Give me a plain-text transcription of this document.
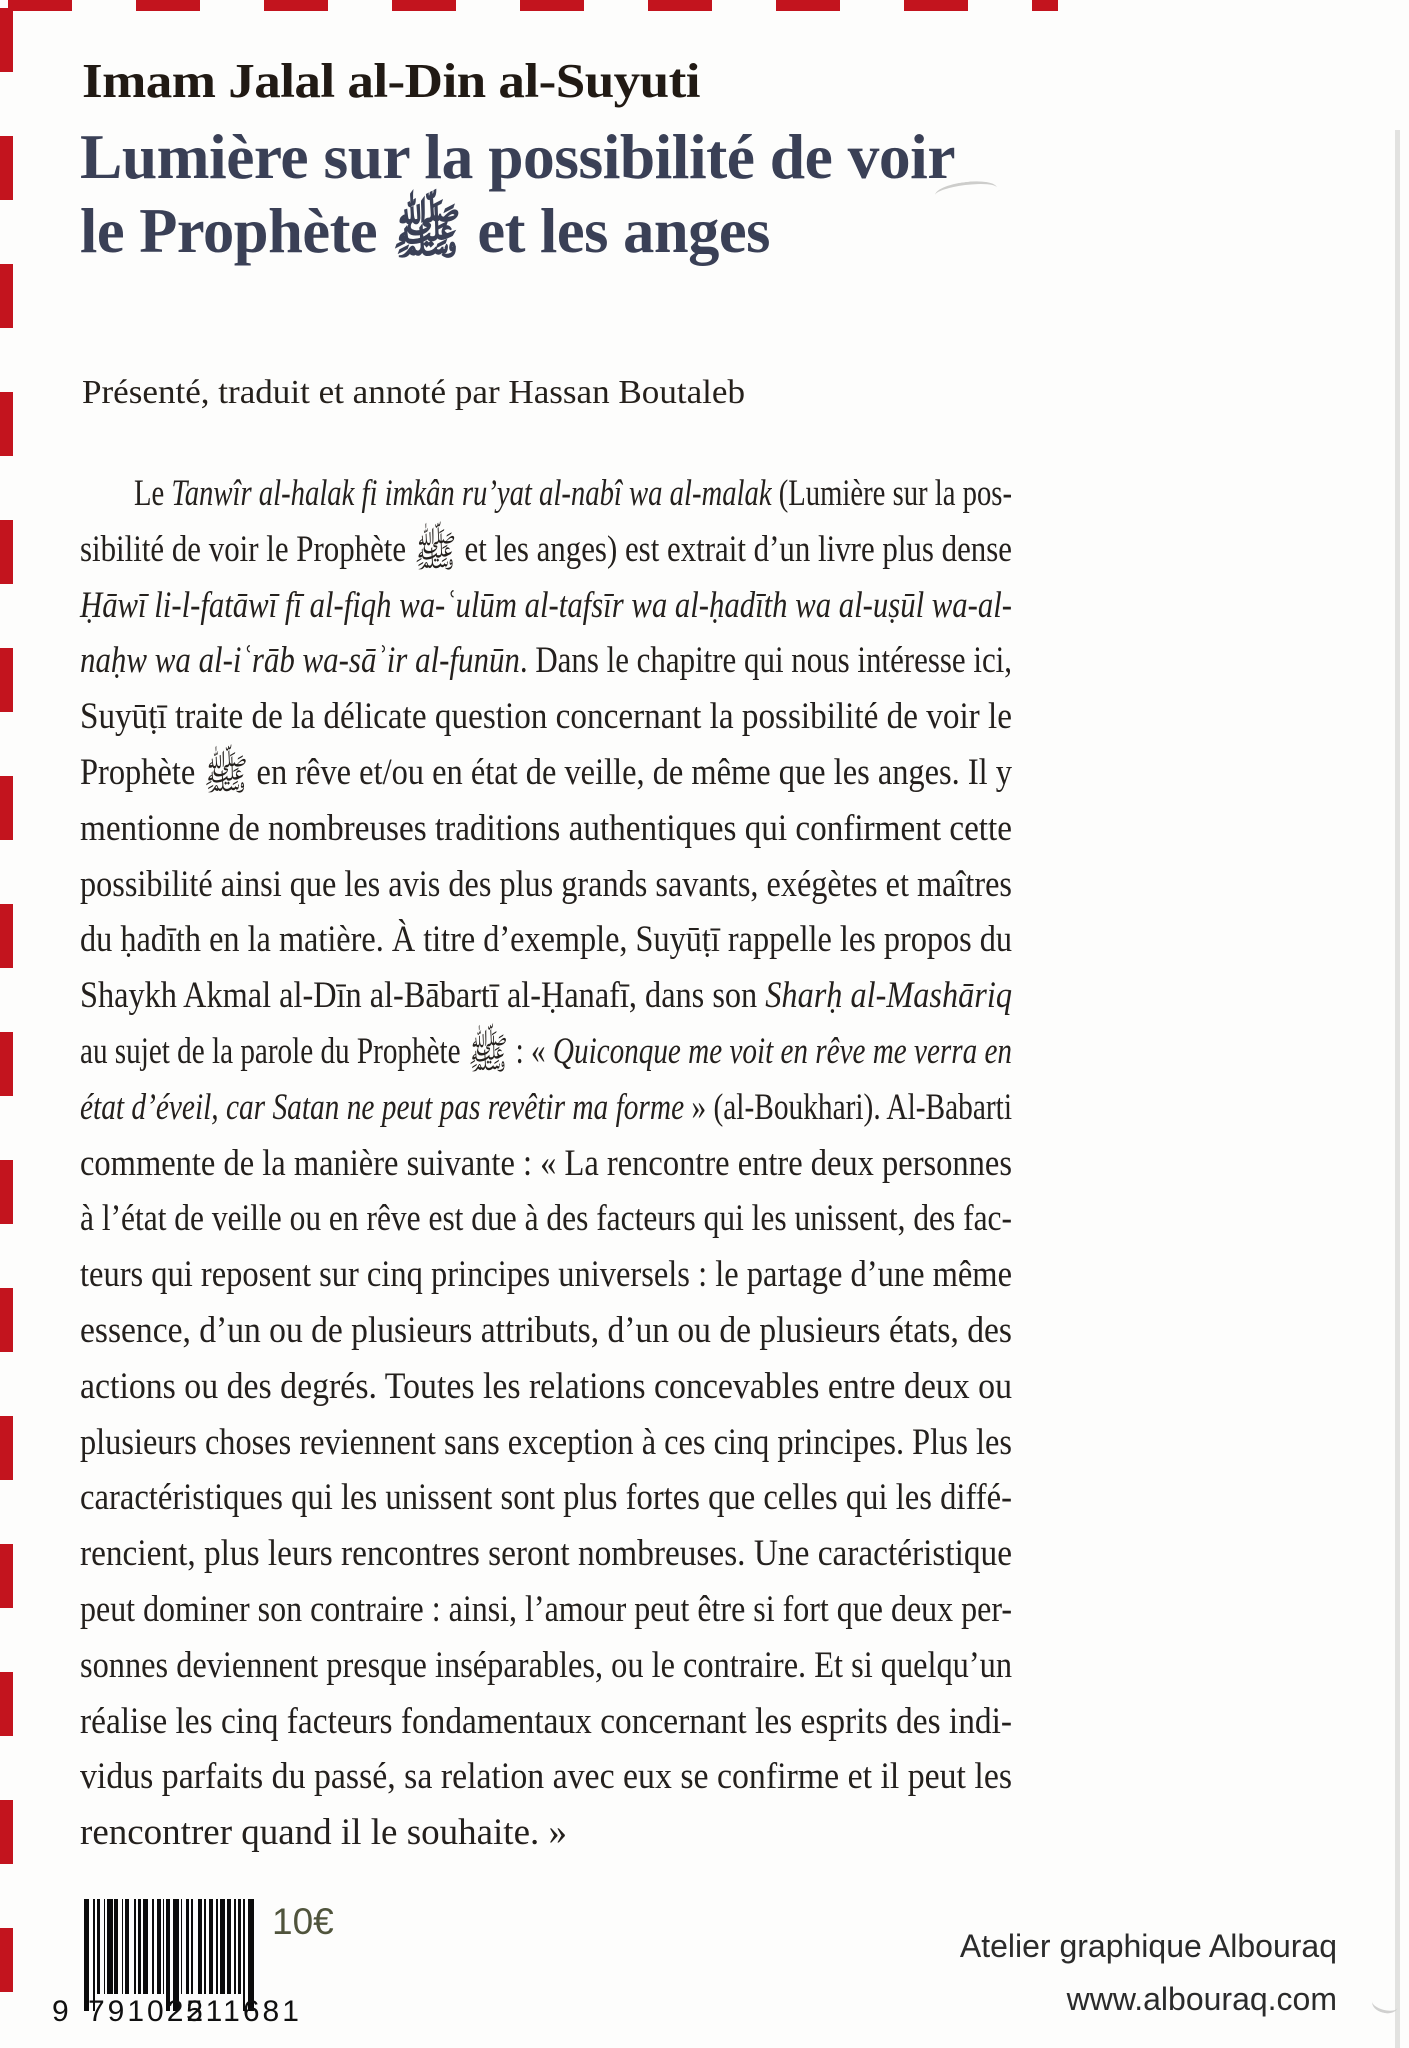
Imam Jalal al-Din al-Suyuti
Lumière sur la possibilité de voir
le Prophète ﷺ et les anges
Présenté, traduit et annoté par Hassan Boutaleb
Le Tanwîr al-halak fi imkân ru’yat al-nabî wa al-malak (Lumière sur la pos-
sibilité de voir le Prophète ﷺ et les anges) est extrait d’un livre plus dense
Ḥāwī li-l-fatāwī fī al-fiqh wa-ʿulūm al-tafsīr wa al-ḥadīth wa al-uṣūl wa-al-
naḥw wa al-iʿrāb wa-sāʾir al-funūn. Dans le chapitre qui nous intéresse ici,
Suyūṭī traite de la délicate question concernant la possibilité de voir le
Prophète ﷺ en rêve et/ou en état de veille, de même que les anges. Il y
mentionne de nombreuses traditions authentiques qui confirment cette
possibilité ainsi que les avis des plus grands savants, exégètes et maîtres
du ḥadīth en la matière. À titre d’exemple, Suyūṭī rappelle les propos du
Shaykh Akmal al-Dīn al-Bābartī al-Ḥanafī, dans son Sharḥ al-Mashāriq
au sujet de la parole du Prophète ﷺ : « Quiconque me voit en rêve me verra en
état d’éveil, car Satan ne peut pas revêtir ma forme » (al-Boukhari). Al-Babarti
commente de la manière suivante : « La rencontre entre deux personnes
à l’état de veille ou en rêve est due à des facteurs qui les unissent, des fac-
teurs qui reposent sur cinq principes universels : le partage d’une même
essence, d’un ou de plusieurs attributs, d’un ou de plusieurs états, des
actions ou des degrés. Toutes les relations concevables entre deux ou
plusieurs choses reviennent sans exception à ces cinq principes. Plus les
caractéristiques qui les unissent sont plus fortes que celles qui les diffé-
rencient, plus leurs rencontres seront nombreuses. Une caractéristique
peut dominer son contraire : ainsi, l’amour peut être si fort que deux per-
sonnes deviennent presque inséparables, ou le contraire. Et si quelqu’un
réalise les cinq facteurs fondamentaux concernant les esprits des indi-
vidus parfaits du passé, sa relation avec eux se confirme et il peut les
rencontrer quand il le souhaite. »
9 791022
511681
10€
Atelier graphique Albouraq
www.albouraq.com
